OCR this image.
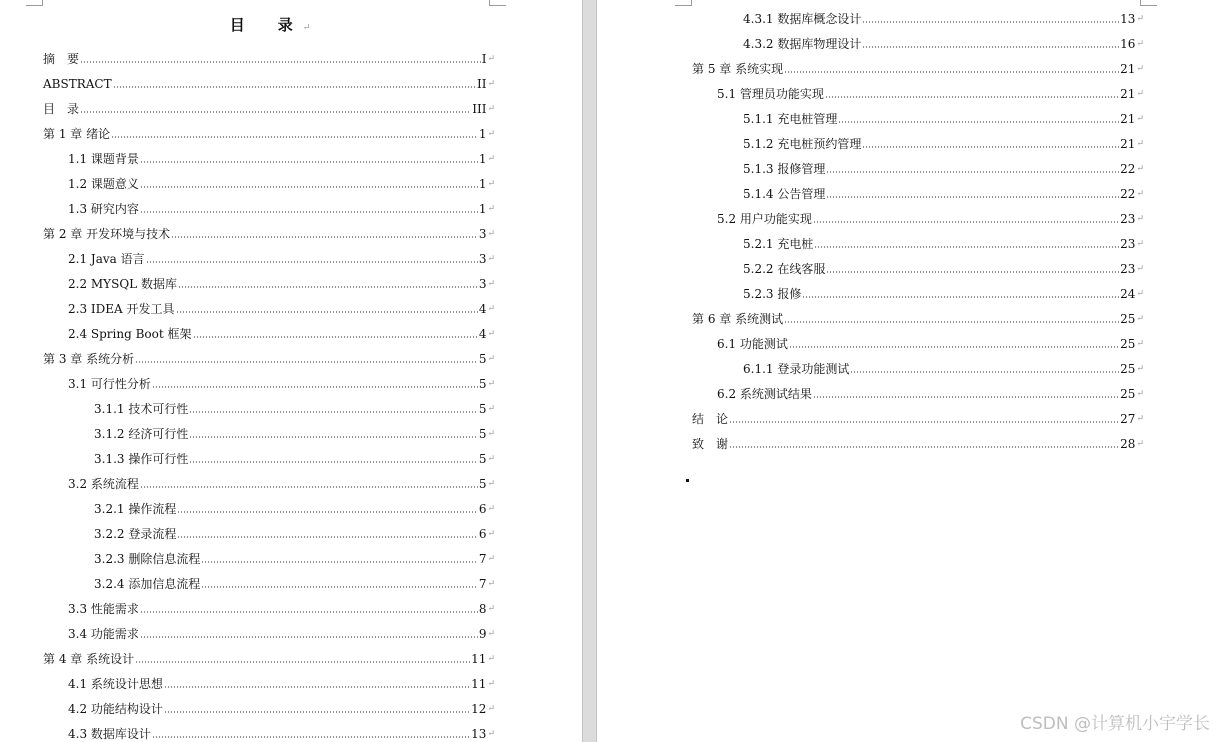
目　录↵
摘　要	I ↵
ABSTRACT	II ↵
目　录	III ↵
第 1 章 绪论	1 ↵
1.1 课题背景	1 ↵
1.2 课题意义	1 ↵
1.3 研究内容	1 ↵
第 2 章 开发环境与技术	3 ↵
2.1 Java 语言	3 ↵
2.2 MYSQL 数据库	3 ↵
2.3 IDEA 开发工具	4 ↵
2.4 Spring Boot 框架	4 ↵
第 3 章 系统分析	5 ↵
3.1 可行性分析	5 ↵
3.1.1 技术可行性	5 ↵
3.1.2 经济可行性	5 ↵
3.1.3 操作可行性	5 ↵
3.2 系统流程	5 ↵
3.2.1 操作流程	6 ↵
3.2.2 登录流程	6 ↵
3.2.3 删除信息流程	7 ↵
3.2.4 添加信息流程	7 ↵
3.3 性能需求	8 ↵
3.4 功能需求	9 ↵
第 4 章 系统设计	11 ↵
4.1 系统设计思想	11 ↵
4.2 功能结构设计	12 ↵
4.3 数据库设计	13 ↵
4.3.1 数据库概念设计	13 ↵
4.3.2 数据库物理设计	16 ↵
第 5 章 系统实现	21 ↵
5.1 管理员功能实现	21 ↵
5.1.1 充电桩管理	21 ↵
5.1.2 充电桩预约管理	21 ↵
5.1.3 报修管理	22 ↵
5.1.4 公告管理	22 ↵
5.2 用户功能实现	23 ↵
5.2.1 充电桩	23 ↵
5.2.2 在线客服	23 ↵
5.2.3 报修	24 ↵
第 6 章 系统测试	25 ↵
6.1 功能测试	25 ↵
6.1.1 登录功能测试	25 ↵
6.2 系统测试结果	25 ↵
结　论	27 ↵
致　谢	28 ↵
CSDN @计算机小宇学长
